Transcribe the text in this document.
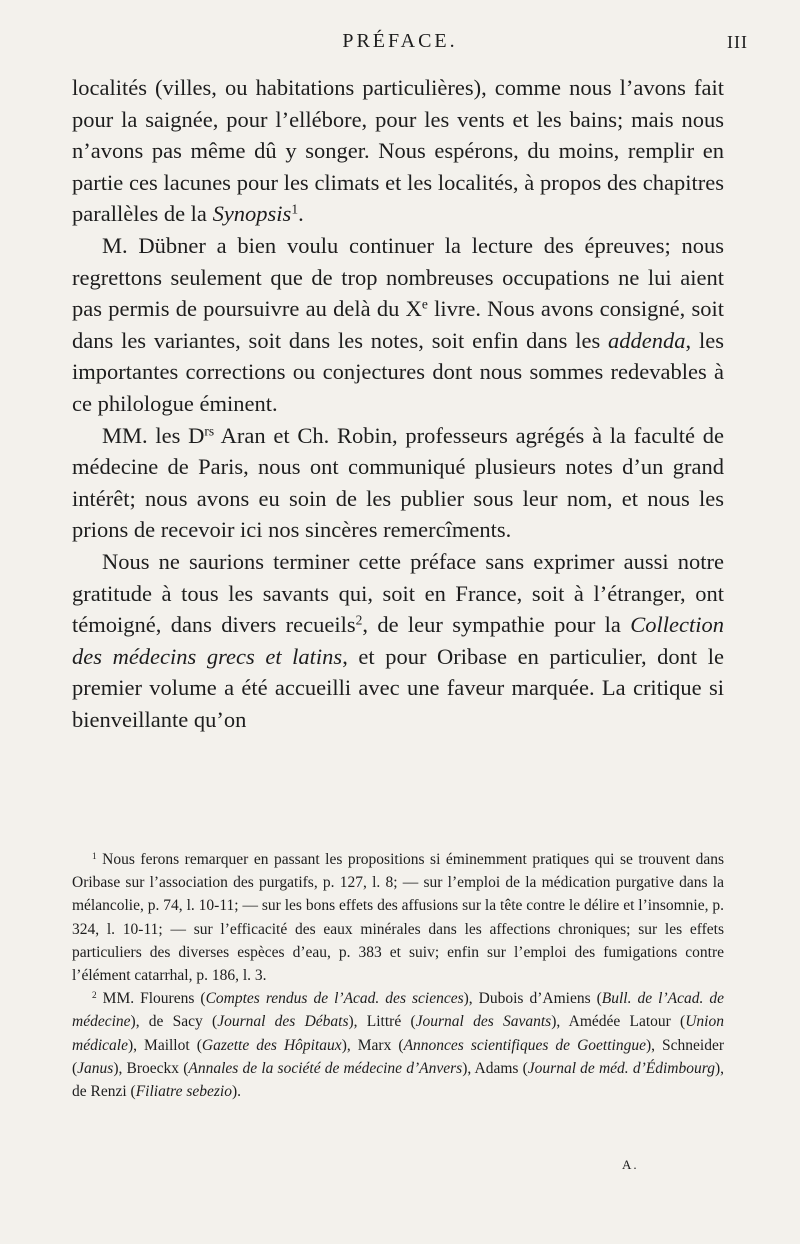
PRÉFACE.	III

localités (villes, ou habitations particulières), comme nous l’avons fait pour la saignée, pour l’ellébore, pour les vents et les bains; mais nous n’avons pas même dû y songer. Nous espérons, du moins, remplir en partie ces lacunes pour les climats et les localités, à propos des chapitres parallèles de la Synopsis$^1$.

M. Dübner a bien voulu continuer la lecture des épreuves; nous regrettons seulement que de trop nombreuses occupations ne lui aient pas permis de poursuivre au delà du Xe livre. Nous avons consigné, soit dans les variantes, soit dans les notes, soit enfin dans les addenda, les importantes corrections ou conjectures dont nous sommes redevables à ce philologue éminent.

MM. les $D^{rs}$ Aran et Ch. Robin, professeurs agrégés à la faculté de médecine de Paris, nous ont communiqué plusieurs notes d’un grand intérêt; nous avons eu soin de les publier sous leur nom, et nous les prions de recevoir ici nos sincères remercîments.

Nous ne saurions terminer cette préface sans exprimer aussi notre gratitude à tous les savants qui, soit en France, soit à l’étranger, ont témoigné, dans divers recueils$^2$, de leur sympathie pour la Collection des médecins grecs et latins, et pour Oribase en particulier, dont le premier volume a été accueilli avec une faveur marquée. La critique si bienveillante qu’on

$^1$ Nous ferons remarquer en passant les propositions si éminemment pratiques qui se trouvent dans Oribase sur l’association des purgatifs, p. 127, l. 8; — sur l’emploi de la médication purgative dans la mélancolie, p. 74, l. 10-11; — sur les bons effets des affusions sur la tête contre le délire et l’insomnie, p. 324, l. 10-11; — sur l’efficacité des eaux minérales dans les affections chroniques; sur les effets particuliers des diverses espèces d’eau, p. 383 et suiv; enfin sur l’emploi des fumigations contre l’élément catarrhal, p. 186, l. 3.

$^2$ MM. Flourens (Comptes rendus de l’Acad. des sciences), Dubois d’Amiens (Bull. de l’Acad. de médecine), de Sacy (Journal des Débats), Littré (Journal des Savants), Amédée Latour (Union médicale), Maillot (Gazette des Hôpitaux), Marx (Annonces scientifiques de Goettingue), Schneider (Janus), Broeckx (Annales de la société de médecine d’Anvers), Adams (Journal de méd. d’Édimbourg), de Renzi (Filiatre sebezio).

A.
